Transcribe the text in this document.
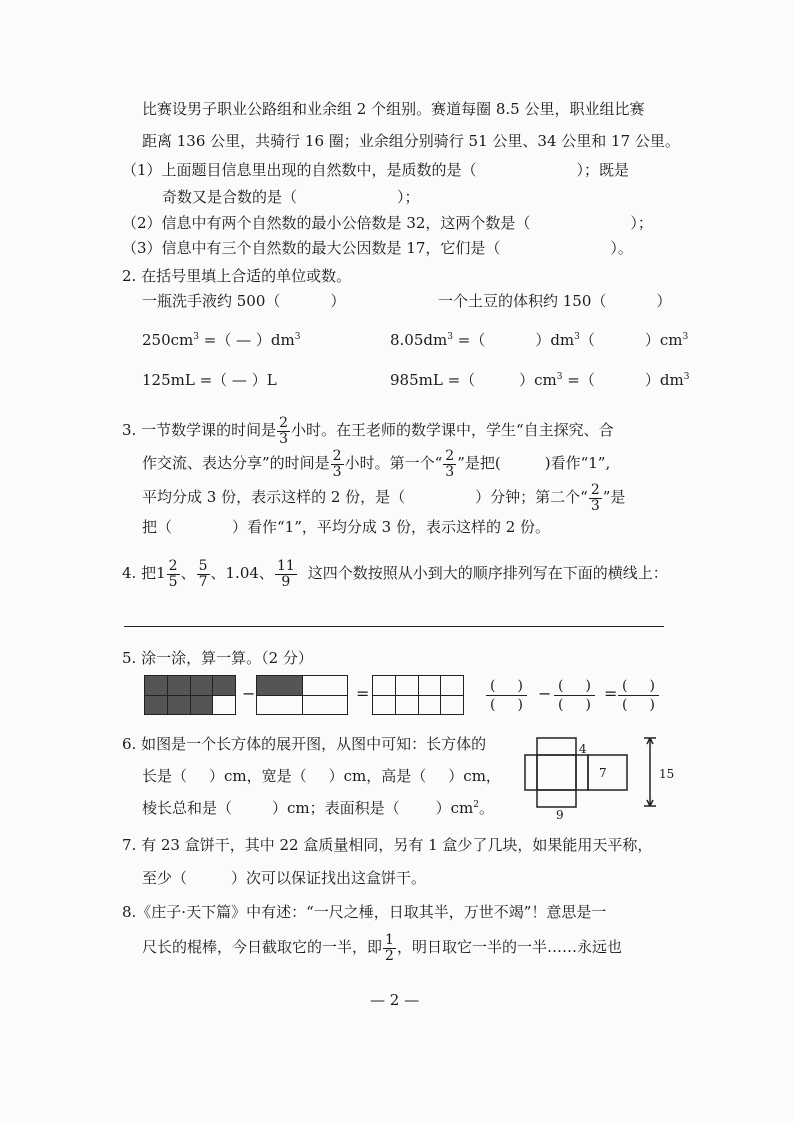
比赛设男子职业公路组和业余组 2 个组别。赛道每圈 8.5 公里，职业组比赛
距离 136 公里，共骑行 16 圈；业余组分别骑行 51 公里、34 公里和 17 公里。
（1）上面题目信息里出现的自然数中，是质数的是（	）；既是
奇数又是合数的是（	）；
（2）信息中有两个自然数的最小公倍数是 32，这两个数是（	）；
（3）信息中有三个自然数的最大公因数是 17，它们是（	）。
2. 在括号里填上合适的单位或数。
一瓶洗手液约 500（	）	一个土豆的体积约 150（	）
$250cm^3$ =（ — ）$dm^3$	$8.05dm^3$ =（	）$dm^3$（	）$cm^3$
125mL =（ — ）L	985mL =（	）$cm^3$ =（	）$dm^3$
3. 一节数学课的时间是 $\frac{2}{3}$ 小时。在王老师的数学课中，学生“自主探究、合
作交流、表达分享”的时间是 $\frac{2}{3}$ 小时。第一个“ $\frac{2}{3}$ ”是把(	)看作“1”,
平均分成 3 份，表示这样的 2 份，是（	）分钟；第二个“ $\frac{2}{3}$ ”是
把（	）看作“1”，平均分成 3 份，表示这样的 2 份。
4. 把$1 \frac{2}{5}$ 、 $\frac{5}{7}$ 、1.04、 $\frac{11}{9}$ 这四个数按照从小到大的顺序排列写在下面的横线上：
5. 涂一涂，算一算。（2 分）

−

		=

				( )
( )
− ( )
( )
= ( )
( )
6. 如图是一个长方体的展开图，从图中可知：长方体的
长是（ ）cm，宽是（ ）cm，高是（ ）cm，
棱长总和是（	）cm；表面积是（ ）$cm^2$。
4
7
9
15
7. 有 23 盒饼干，其中 22 盒质量相同，另有 1 盒少了几块，如果能用天平称，
至少（	）次可以保证找出这盒饼干。
8.《庄子·天下篇》中有述：“一尺之棰，日取其半，万世不竭”！意思是一
尺长的棍棒，今日截取它的一半，即 $\frac{1}{2}$ ，明日取它一半的一半……永远也
— 2 —
